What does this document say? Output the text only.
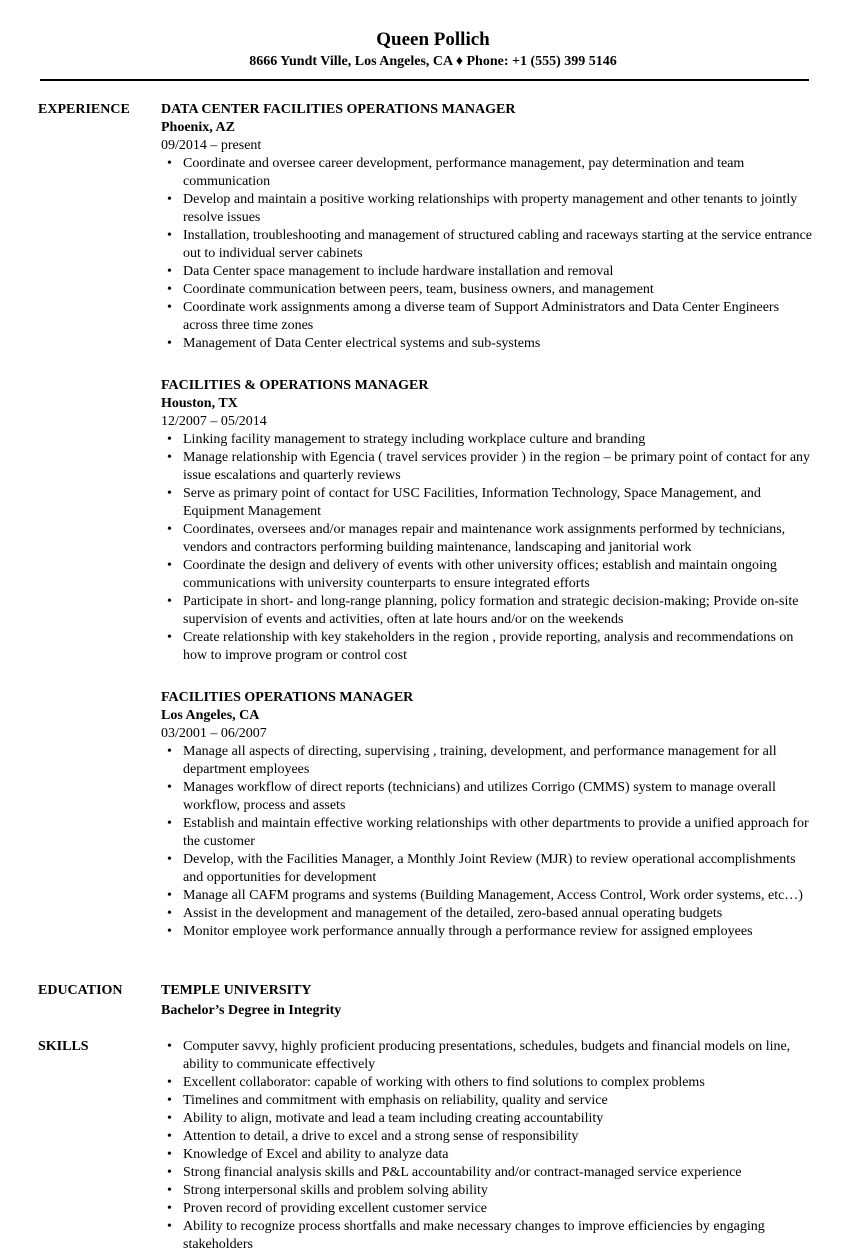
Queen Pollich
8666 Yundt Ville, Los Angeles, CA ♦ Phone: +1 (555) 399 5146
EXPERIENCE DATA CENTER FACILITIES OPERATIONS MANAGER
Phoenix, AZ
09/2014 – present
• Coordinate and oversee career development, performance management, pay determination and team communication
• Develop and maintain a positive working relationships with property management and other tenants to jointly resolve issues
• Installation, troubleshooting and management of structured cabling and raceways starting at the service entrance out to individual server cabinets
• Data Center space management to include hardware installation and removal
• Coordinate communication between peers, team, business owners, and management
• Coordinate work assignments among a diverse team of Support Administrators and Data Center Engineers across three time zones
• Management of Data Center electrical systems and sub-systems
FACILITIES & OPERATIONS MANAGER
Houston, TX
12/2007 – 05/2014
• Linking facility management to strategy including workplace culture and branding
• Manage relationship with Egencia ( travel services provider ) in the region – be primary point of contact for any issue escalations and quarterly reviews
• Serve as primary point of contact for USC Facilities, Information Technology, Space Management, and Equipment Management
• Coordinates, oversees and/or manages repair and maintenance work assignments performed by technicians, vendors and contractors performing building maintenance, landscaping and janitorial work
• Coordinate the design and delivery of events with other university offices; establish and maintain ongoing communications with university counterparts to ensure integrated efforts
• Participate in short- and long-range planning, policy formation and strategic decision-making; Provide on-site supervision of events and activities, often at late hours and/or on the weekends
• Create relationship with key stakeholders in the region , provide reporting, analysis and recommendations on how to improve program or control cost
FACILITIES OPERATIONS MANAGER
Los Angeles, CA
03/2001 – 06/2007
• Manage all aspects of directing, supervising , training, development, and performance management for all department employees
• Manages workflow of direct reports (technicians) and utilizes Corrigo (CMMS) system to manage overall workflow, process and assets
• Establish and maintain effective working relationships with other departments to provide a unified approach for the customer
• Develop, with the Facilities Manager, a Monthly Joint Review (MJR) to review operational accomplishments and opportunities for development
• Manage all CAFM programs and systems (Building Management, Access Control, Work order systems, etc…)
• Assist in the development and management of the detailed, zero-based annual operating budgets
• Monitor employee work performance annually through a performance review for assigned employees
EDUCATION	TEMPLE UNIVERSITY
Bachelor’s Degree in Integrity
SKILLS
•	Computer savvy, highly proficient producing presentations, schedules, budgets and financial models on line, ability to communicate effectively
• Excellent collaborator: capable of working with others to find solutions to complex problems
• Timelines and commitment with emphasis on reliability, quality and service
• Ability to align, motivate and lead a team including creating accountability
• Attention to detail, a drive to excel and a strong sense of responsibility
• Knowledge of Excel and ability to analyze data
• Strong financial analysis skills and P&L accountability and/or contract-managed service experience
• Strong interpersonal skills and problem solving ability
• Proven record of providing excellent customer service
• Ability to recognize process shortfalls and make necessary changes to improve efficiencies by engaging stakeholders
